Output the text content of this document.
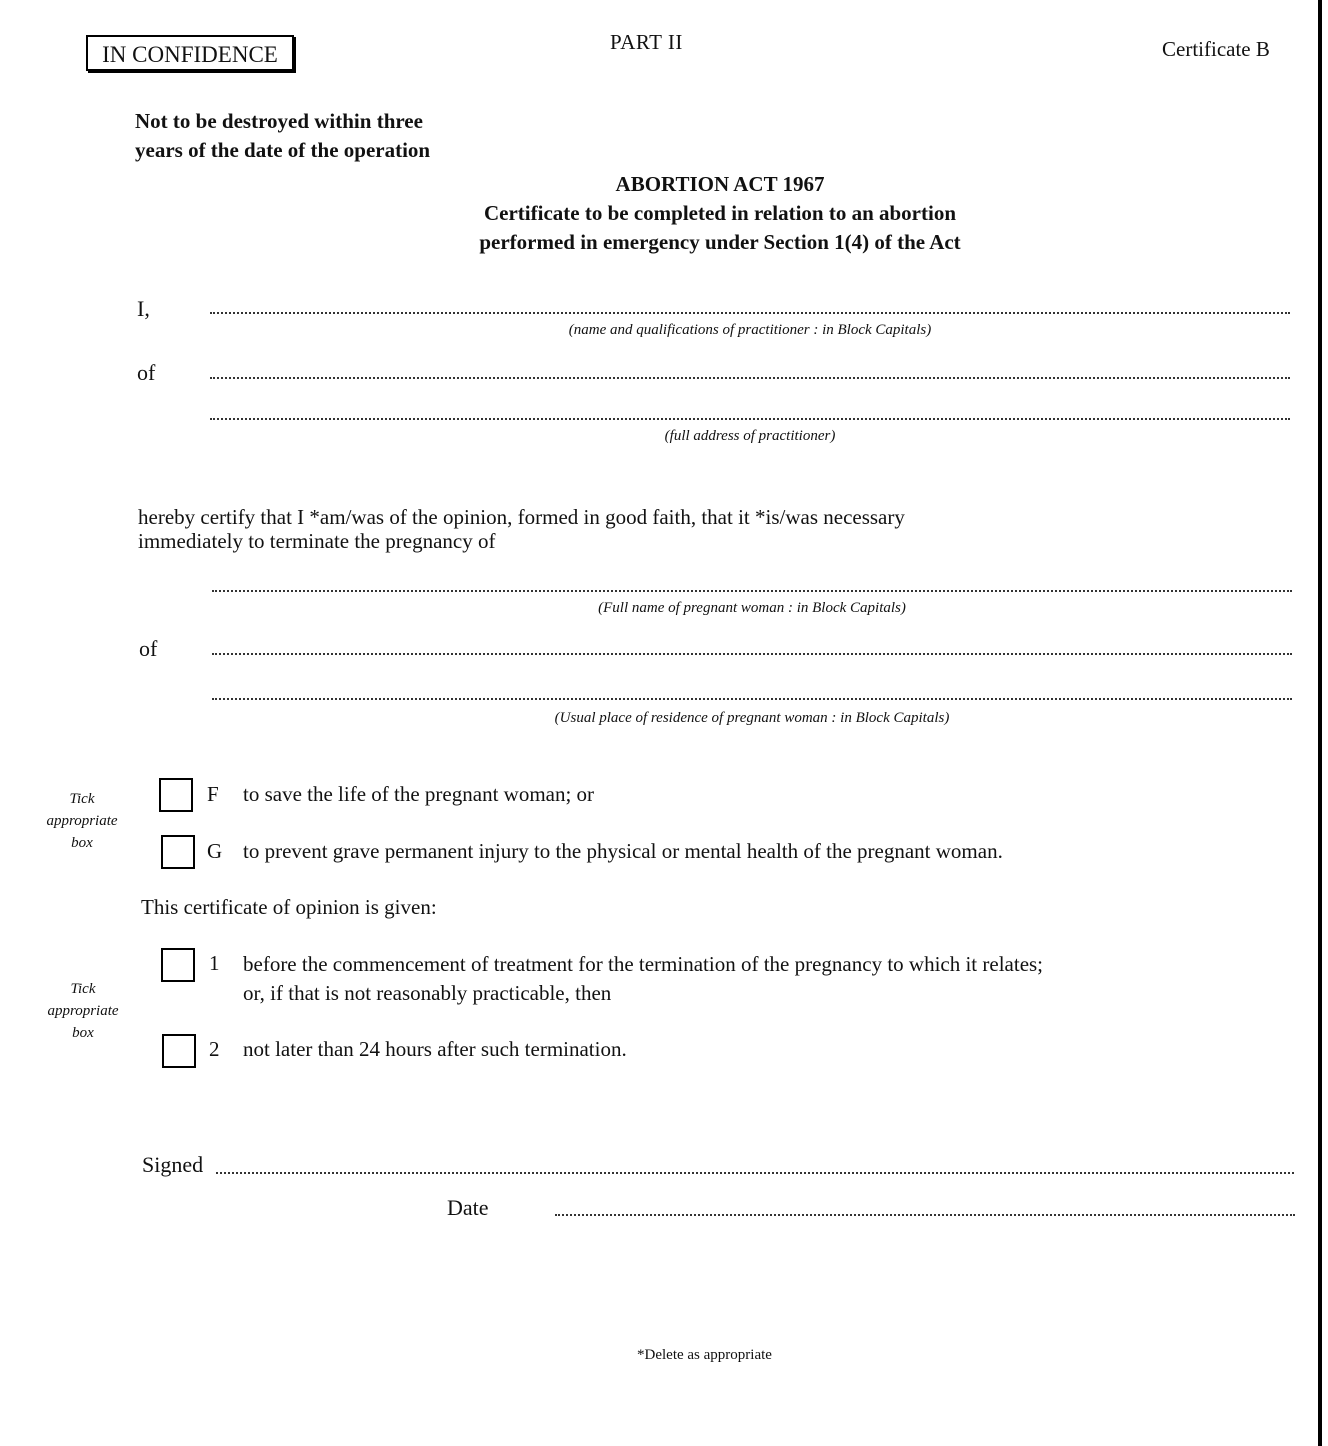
IN CONFIDENCE	PART II	Certificate B
Not to be destroyed within three
years of the date of the operation
ABORTION ACT 1967
Certificate to be completed in relation to an abortion
performed in emergency under Section 1(4) of the Act
I,
(name and qualifications of practitioner : in Block Capitals)
of
(full address of practitioner)
hereby certify that I *am/was of the opinion, formed in good faith, that it *is/was necessary
immediately to terminate the pregnancy of
(Full name of pregnant woman : in Block Capitals)
of
(Usual place of residence of pregnant woman : in Block Capitals)
Tick
appropriate
box
F to save the life of the pregnant woman; or
G to prevent grave permanent injury to the physical or mental health of the pregnant woman.
This certificate of opinion is given:
Tick
appropriate
box
1 before the commencement of treatment for the termination of the pregnancy to which it relates;
or, if that is not reasonably practicable, then
2 not later than 24 hours after such termination.
Signed
Date
*Delete as appropriate
